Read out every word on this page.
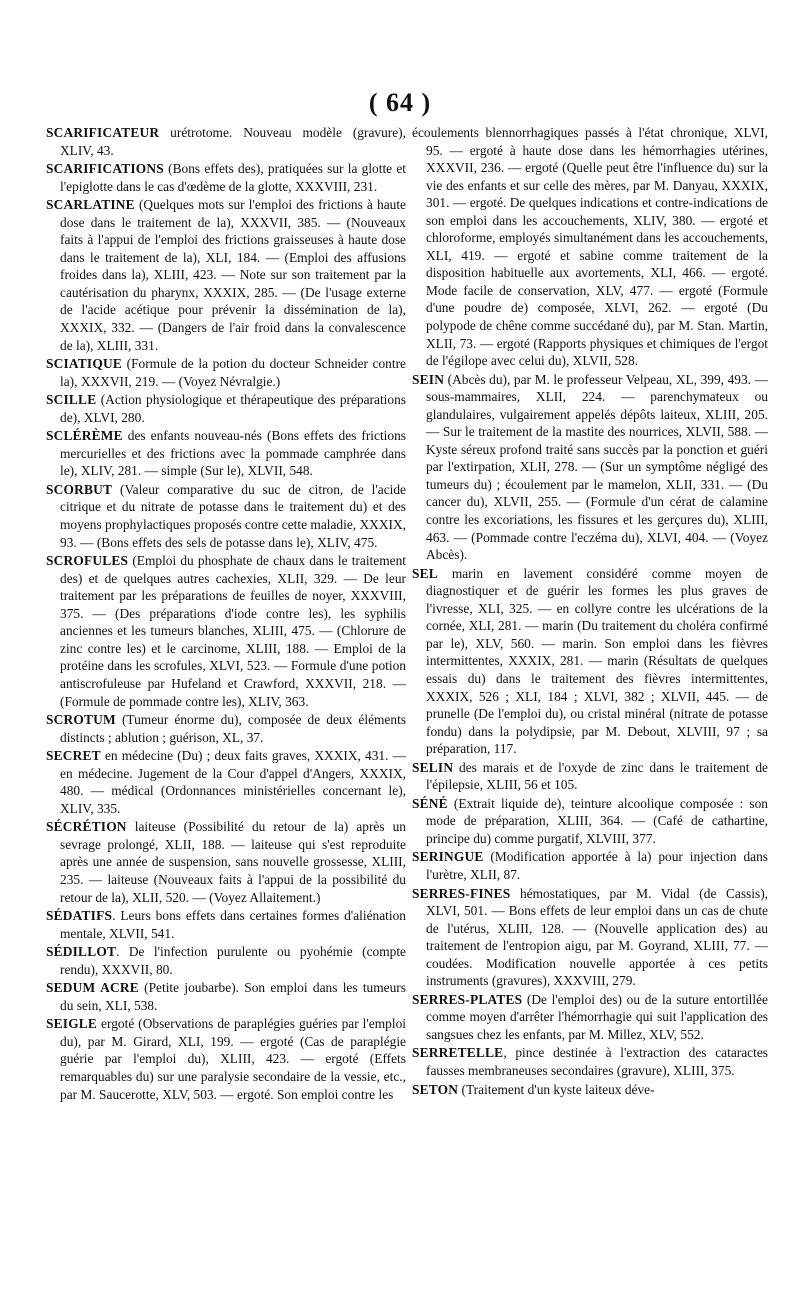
( 64 )

SCARIFICATEUR urétrotome. Nouveau modèle (gravure), XLIV, 43.

SCARIFICATIONS (Bons effets des), pratiquées sur la glotte et l'epiglotte dans le cas d'œdème de la glotte, XXXVIII, 231.

SCARLATINE (Quelques mots sur l'emploi des frictions à haute dose dans le traitement de la), XXXVII, 385. — (Nouveaux faits à l'appui de l'emploi des frictions graisseuses à haute dose dans le traitement de la), XLI, 184. — (Emploi des affusions froides dans la), XLIII, 423. — Note sur son traitement par la cautérisation du pharynx, XXXIX, 285. — (De l'usage externe de l'acide acétique pour prévenir la dissémination de la), XXXIX, 332. — (Dangers de l'air froid dans la convalescence de la), XLIII, 331.

SCIATIQUE (Formule de la potion du docteur Schneider contre la), XXXVII, 219. — (Voyez Névralgie.)

SCILLE (Action physiologique et thérapeutique des préparations de), XLVI, 280.

SCLÉRÈME des enfants nouveau-nés (Bons effets des frictions mercurielles et des frictions avec la pommade camphrée dans le), XLIV, 281. — simple (Sur le), XLVII, 548.

SCORBUT (Valeur comparative du suc de citron, de l'acide citrique et du nitrate de potasse dans le traitement du) et des moyens prophylactiques proposés contre cette maladie, XXXIX, 93. — (Bons effets des sels de potasse dans le), XLIV, 475.

SCROFULES (Emploi du phosphate de chaux dans le traitement des) et de quelques autres cachexies, XLII, 329. — De leur traitement par les préparations de feuilles de noyer, XXXVIII, 375. — (Des préparations d'iode contre les), les syphilis anciennes et les tumeurs blanches, XLIII, 475. — (Chlorure de zinc contre les) et le carcinome, XLIII, 188. — Emploi de la protéine dans les scrofules, XLVI, 523. — Formule d'une potion antiscrofuleuse par Hufeland et Crawford, XXXVII, 218. — (Formule de pommade contre les), XLIV, 363.

SCROTUM (Tumeur énorme du), composée de deux éléments distincts ; ablution ; guérison, XL, 37.

SECRET en médecine (Du) ; deux faits graves, XXXIX, 431. — en médecine. Jugement de la Cour d'appel d'Angers, XXXIX, 480. — médical (Ordonnances ministérielles concernant le), XLIV, 335.

SÉCRÉTION laiteuse (Possibilité du retour de la) après un sevrage prolongé, XLII, 188. — laiteuse qui s'est reproduite après une année de suspension, sans nouvelle grossesse, XLIII, 235. — laiteuse (Nouveaux faits à l'appui de la possibilité du retour de la), XLII, 520. — (Voyez Allaitement.)

SÉDATIFS. Leurs bons effets dans certaines formes d'aliénation mentale, XLVII, 541.

SÉDILLOT. De l'infection purulente ou pyohémie (compte rendu), XXXVII, 80.

SEDUM ACRE (Petite joubarbe). Son emploi dans les tumeurs du sein, XLI, 538.

SEIGLE ergoté (Observations de paraplégies guéries par l'emploi du), par M. Girard, XLI, 199. — ergoté (Cas de paraplégie guérie par l'emploi du), XLIII, 423. — ergoté (Effets remarquables du) sur une paralysie secondaire de la vessie, etc., par M. Saucerotte, XLV, 503. — ergoté. Son emploi contre les

écoulements blennorrhagiques passés à l'état chronique, XLVI, 95. — ergoté à haute dose dans les hémorrhagies utérines, XXXVII, 236. — ergoté (Quelle peut être l'influence du) sur la vie des enfants et sur celle des mères, par M. Danyau, XXXIX, 301. — ergoté. De quelques indications et contre-indications de son emploi dans les accouchements, XLIV, 380. — ergoté et chloroforme, employés simultanément dans les accouchements, XLI, 419. — ergoté et sabine comme traitement de la disposition habituelle aux avortements, XLI, 466. — ergoté. Mode facile de conservation, XLV, 477. — ergoté (Formule d'une poudre de) composée, XLVI, 262. — ergoté (Du polypode de chêne comme succédané du), par M. Stan. Martin, XLII, 73. — ergoté (Rapports physiques et chimiques de l'ergot de l'égilope avec celui du), XLVII, 528.

SEIN (Abcès du), par M. le professeur Velpeau, XL, 399, 493. — sous-mammaires, XLII, 224. — parenchymateux ou glandulaires, vulgairement appelés dépôts laiteux, XLIII, 205. — Sur le traitement de la mastite des nourrices, XLVII, 588. — Kyste séreux profond traité sans succès par la ponction et guéri par l'extirpation, XLII, 278. — (Sur un symptôme négligé des tumeurs du) ; écoulement par le mamelon, XLII, 331. — (Du cancer du), XLVII, 255. — (Formule d'un cérat de calamine contre les excoriations, les fissures et les gerçures du), XLIII, 463. — (Pommade contre l'eczéma du), XLVI, 404. — (Voyez Abcès).

SEL marin en lavement considéré comme moyen de diagnostiquer et de guérir les formes les plus graves de l'ivresse, XLI, 325. — en collyre contre les ulcérations de la cornée, XLI, 281. — marin (Du traitement du choléra confirmé par le), XLV, 560. — marin. Son emploi dans les fièvres intermittentes, XXXIX, 281. — marin (Résultats de quelques essais du) dans le traitement des fièvres intermittentes, XXXIX, 526 ; XLI, 184 ; XLVI, 382 ; XLVII, 445. — de prunelle (De l'emploi du), ou cristal minéral (nitrate de potasse fondu) dans la polydipsie, par M. Debout, XLVIII, 97 ; sa préparation, 117.

SELIN des marais et de l'oxyde de zinc dans le traitement de l'épilepsie, XLIII, 56 et 105.

SÉNÉ (Extrait liquide de), teinture alcoolique composée : son mode de préparation, XLIII, 364. — (Café de cathartine, principe du) comme purgatif, XLVIII, 377.

SERINGUE (Modification apportée à la) pour injection dans l'urètre, XLII, 87.

SERRES-FINES hémostatiques, par M. Vidal (de Cassis), XLVI, 501. — Bons effets de leur emploi dans un cas de chute de l'utérus, XLIII, 128. — (Nouvelle application des) au traitement de l'entropion aigu, par M. Goyrand, XLIII, 77. — coudées. Modification nouvelle apportée à ces petits instruments (gravures), XXXVIII, 279.

SERRES-PLATES (De l'emploi des) ou de la suture entortillée comme moyen d'arrêter l'hémorrhagie qui suit l'application des sangsues chez les enfants, par M. Millez, XLV, 552.

SERRETELLE, pince destinée à l'extraction des cataractes fausses membraneuses secondaires (gravure), XLIII, 375.

SETON (Traitement d'un kyste laiteux déve-
